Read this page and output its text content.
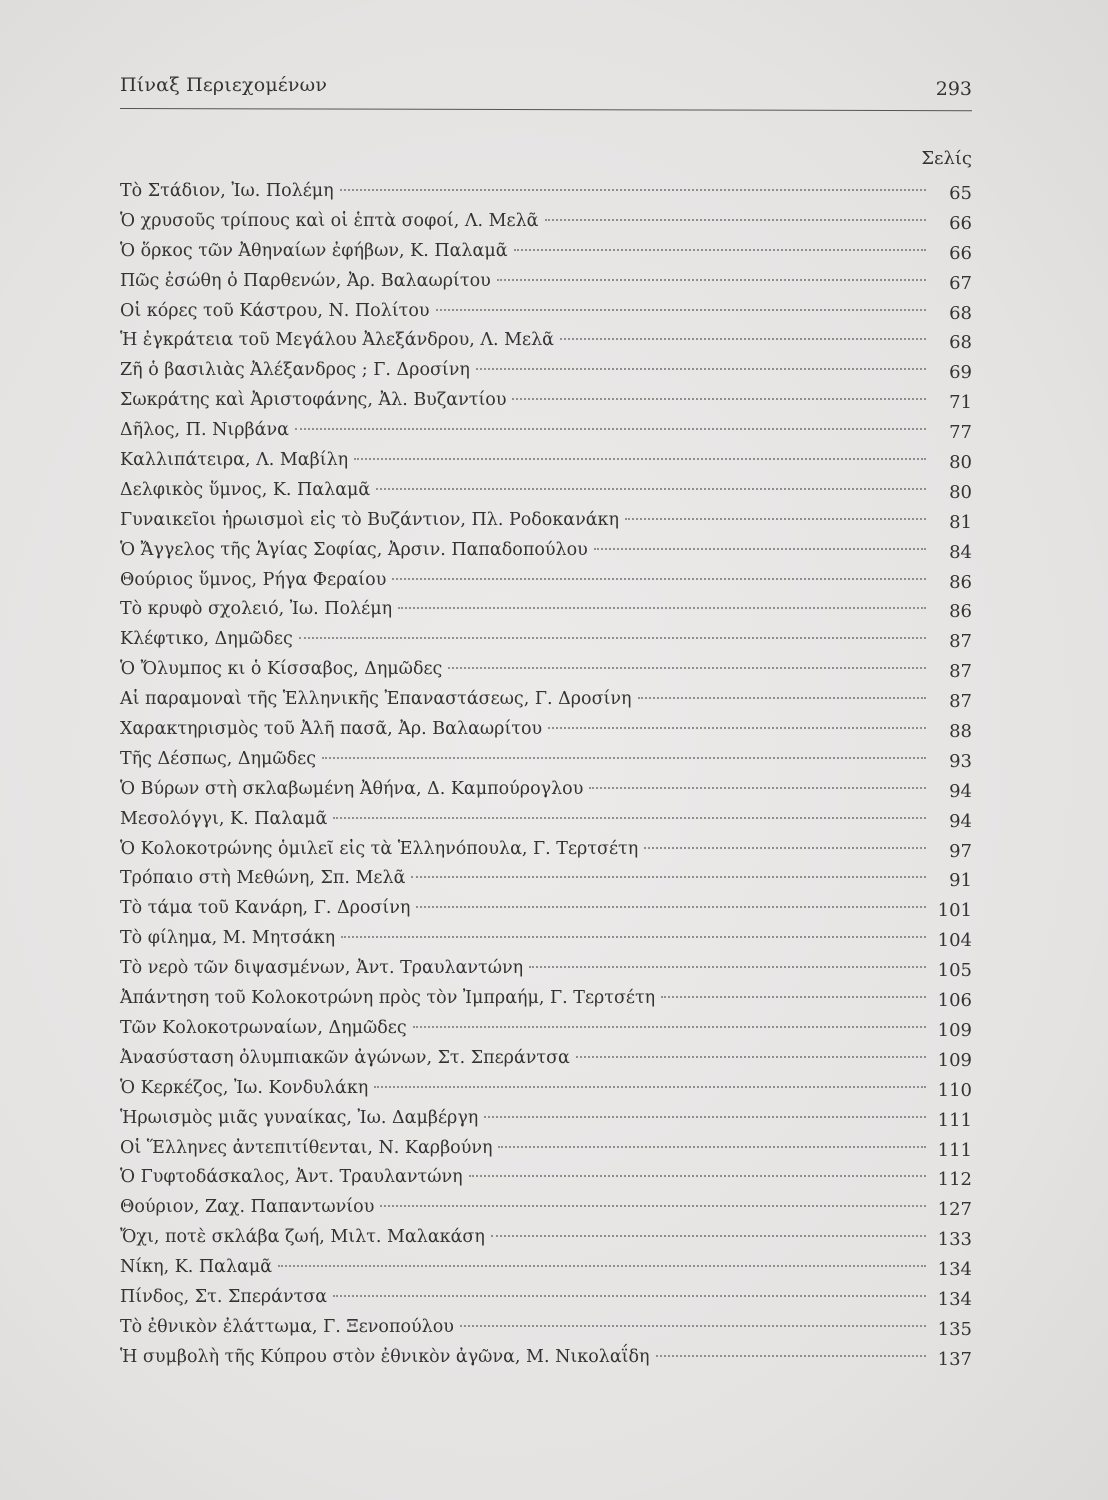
Πίναξ Περιεχομένων	293
Σελίς
Τὸ Στάδιον, Ἰω. Πολέμη	65
Ὁ χρυσοῦς τρίπους καὶ οἱ ἑπτὰ σοφοί, Λ. Μελᾶ	66
Ὁ ὅρκος τῶν Ἀθηναίων ἐφήβων, Κ. Παλαμᾶ	66
Πῶς ἐσώθη ὁ Παρθενών, Ἀρ. Βαλαωρίτου	67
Οἱ κόρες τοῦ Κάστρου, Ν. Πολίτου	68
Ἡ ἐγκράτεια τοῦ Μεγάλου Ἀλεξάνδρου, Λ. Μελᾶ	68
Ζῆ ὁ βασιλιὰς Ἀλέξανδρος ; Γ. Δροσίνη	69
Σωκράτης καὶ Ἀριστοφάνης, Ἀλ. Βυζαντίου	71
Δῆλος, Π. Νιρβάνα	77
Καλλιπάτειρα, Λ. Μαβίλη	80
Δελφικὸς ὕμνος, Κ. Παλαμᾶ	80
Γυναικεῖοι ἡρωισμοὶ εἰς τὸ Βυζάντιον, Πλ. Ροδοκανάκη	81
Ὁ Ἄγγελος τῆς Ἁγίας Σοφίας, Ἀρσιν. Παπαδοπούλου	84
Θούριος ὕμνος, Ρήγα Φεραίου	86
Τὸ κρυφὸ σχολειό, Ἰω. Πολέμη	86
Κλέφτικο, Δημῶδες	87
Ὁ Ὄλυμπος κι ὁ Κίσσαβος, Δημῶδες	87
Αἱ παραμοναὶ τῆς Ἑλληνικῆς Ἐπαναστάσεως, Γ. Δροσίνη	87
Χαρακτηρισμὸς τοῦ Ἀλῆ πασᾶ, Ἀρ. Βαλαωρίτου	88
Τῆς Δέσπως, Δημῶδες	93
Ὁ Βύρων στὴ σκλαβωμένη Ἀθήνα, Δ. Καμπούρογλου	94
Μεσολόγγι, Κ. Παλαμᾶ	94
Ὁ Κολοκοτρώνης ὁμιλεῖ εἰς τὰ Ἑλληνόπουλα, Γ. Τερτσέτη	97
Τρόπαιο στὴ Μεθώνη, Σπ. Μελᾶ	91
Τὸ τάμα τοῦ Κανάρη, Γ. Δροσίνη	101
Τὸ φίλημα, Μ. Μητσάκη	104
Τὸ νερὸ τῶν διψασμένων, Ἀντ. Τραυλαντώνη	105
Ἀπάντηση τοῦ Κολοκοτρώνη πρὸς τὸν Ἰμπραήμ, Γ. Τερτσέτη	106
Τῶν Κολοκοτρωναίων, Δημῶδες	109
Ἀνασύσταση ὀλυμπιακῶν ἀγώνων, Στ. Σπεράντσα	109
Ὁ Κερκέζος, Ἰω. Κονδυλάκη	110
Ἡρωισμὸς μιᾶς γυναίκας, Ἰω. Δαμβέργη	111
Οἱ Ἕλληνες ἀντεπιτίθενται, Ν. Καρβούνη	111
Ὁ Γυφτοδάσκαλος, Ἀντ. Τραυλαντώνη	112
Θούριον, Ζαχ. Παπαντωνίου	127
Ὄχι, ποτὲ σκλάβα ζωή, Μιλτ. Μαλακάση	133
Νίκη, Κ. Παλαμᾶ	134
Πίνδος, Στ. Σπεράντσα	134
Τὸ ἐθνικὸν ἐλάττωμα, Γ. Ξενοπούλου	135
Ἡ συμβολὴ τῆς Κύπρου στὸν ἐθνικὸν ἀγῶνα, Μ. Νικολαΐδη	137
